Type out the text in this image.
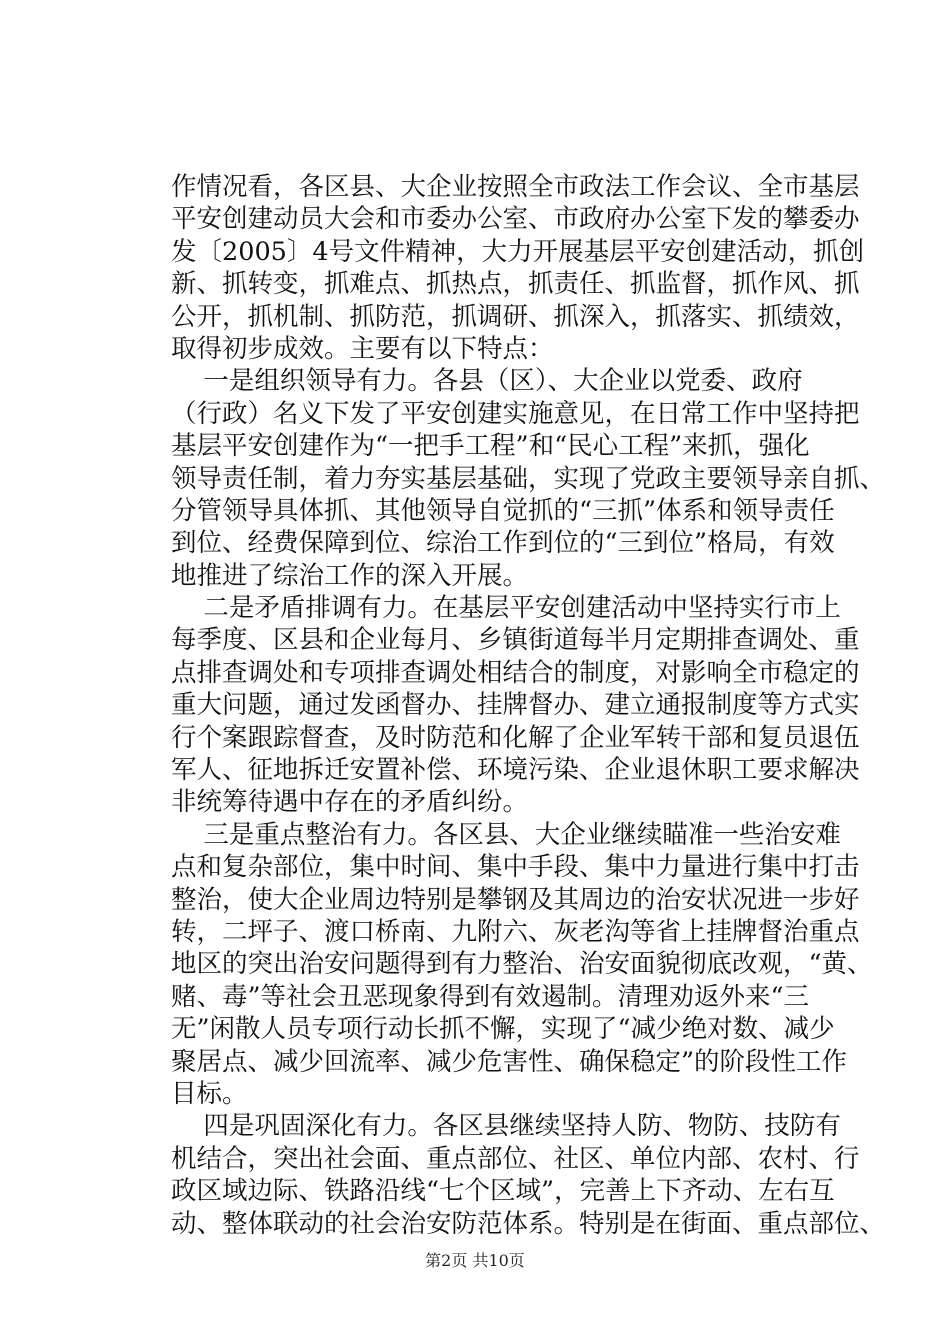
作情况看，各区县、大企业按照全市政法工作会议、全市基层
平安创建动员大会和市委办公室、市政府办公室下发的攀委办
发〔2005〕4号文件精神，大力开展基层平安创建活动，抓创
新、抓转变，抓难点、抓热点，抓责任、抓监督，抓作风、抓
公开，抓机制、抓防范，抓调研、抓深入，抓落实、抓绩效，
取得初步成效。主要有以下特点：
一是组织领导有力。各县（区）、大企业以党委、政府
（行政）名义下发了平安创建实施意见，在日常工作中坚持把
基层平安创建作为“一把手工程”和“民心工程”来抓，强化
领导责任制，着力夯实基层基础，实现了党政主要领导亲自抓、
分管领导具体抓、其他领导自觉抓的“三抓”体系和领导责任
到位、经费保障到位、综治工作到位的“三到位”格局，有效
地推进了综治工作的深入开展。
二是矛盾排调有力。在基层平安创建活动中坚持实行市上
每季度、区县和企业每月、乡镇街道每半月定期排查调处、重
点排查调处和专项排查调处相结合的制度，对影响全市稳定的
重大问题，通过发函督办、挂牌督办、建立通报制度等方式实
行个案跟踪督查，及时防范和化解了企业军转干部和复员退伍
军人、征地拆迁安置补偿、环境污染、企业退休职工要求解决
非统筹待遇中存在的矛盾纠纷。
三是重点整治有力。各区县、大企业继续瞄准一些治安难
点和复杂部位，集中时间、集中手段、集中力量进行集中打击
整治，使大企业周边特别是攀钢及其周边的治安状况进一步好
转，二坪子、渡口桥南、九附六、灰老沟等省上挂牌督治重点
地区的突出治安问题得到有力整治、治安面貌彻底改观，“黄、
赌、毒”等社会丑恶现象得到有效遏制。清理劝返外来“三
无”闲散人员专项行动长抓不懈，实现了“减少绝对数、减少
聚居点、减少回流率、减少危害性、确保稳定”的阶段性工作
目标。
四是巩固深化有力。各区县继续坚持人防、物防、技防有
机结合，突出社会面、重点部位、社区、单位内部、农村、行
政区域边际、铁路沿线“七个区域”，完善上下齐动、左右互
动、整体联动的社会治安防范体系。特别是在街面、重点部位、
第2页 共10页
